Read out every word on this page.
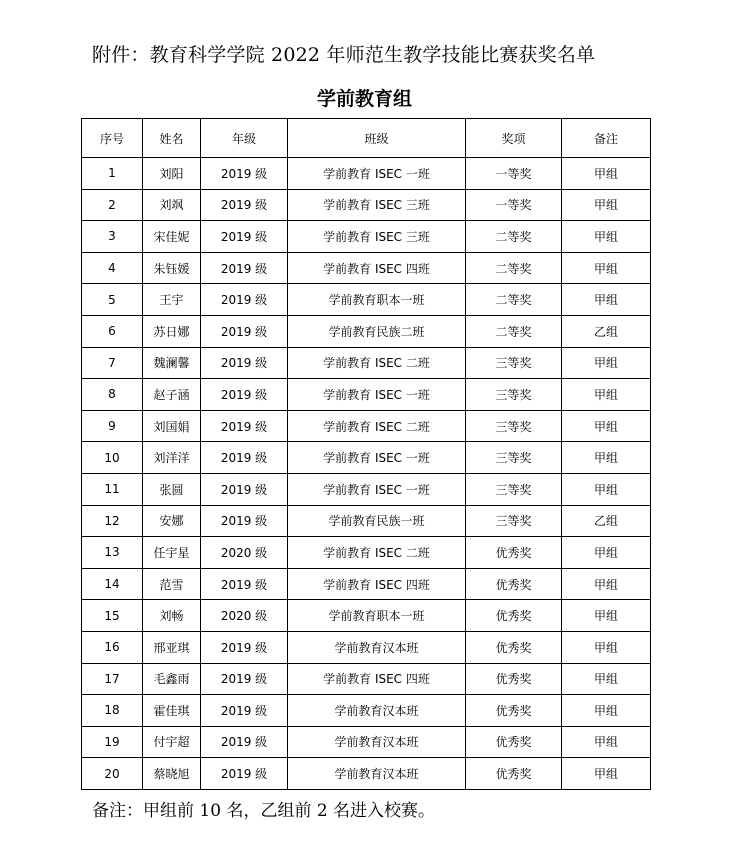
附件：教育科学学院 2022 年师范生教学技能比赛获奖名单
学前教育组
序号	姓名	年级	班级	奖项	备注
1	刘阳	2019 级	学前教育 ISEC 一班	一等奖	甲组
2	刘飒	2019 级	学前教育 ISEC 三班	一等奖	甲组
3	宋佳妮	2019 级	学前教育 ISEC 三班	二等奖	甲组
4	朱钰媛	2019 级	学前教育 ISEC 四班	二等奖	甲组
5	王宇	2019 级	学前教育职本一班	二等奖	甲组
6	苏日娜	2019 级	学前教育民族二班	二等奖	乙组
7	魏澜馨	2019 级	学前教育 ISEC 二班	三等奖	甲组
8	赵子涵	2019 级	学前教育 ISEC 一班	三等奖	甲组
9	刘国娟	2019 级	学前教育 ISEC 二班	三等奖	甲组
10	刘洋洋	2019 级	学前教育 ISEC 一班	三等奖	甲组
11	张圆	2019 级	学前教育 ISEC 一班	三等奖	甲组
12	安娜	2019 级	学前教育民族一班	三等奖	乙组
13	任宇星	2020 级	学前教育 ISEC 二班	优秀奖	甲组
14	范雪	2019 级	学前教育 ISEC 四班	优秀奖	甲组
15	刘畅	2020 级	学前教育职本一班	优秀奖	甲组
16	邢亚琪	2019 级	学前教育汉本班	优秀奖	甲组
17	毛鑫雨	2019 级	学前教育 ISEC 四班	优秀奖	甲组
18	霍佳琪	2019 级	学前教育汉本班	优秀奖	甲组
19	付宇超	2019 级	学前教育汉本班	优秀奖	甲组
20	蔡晓旭	2019 级	学前教育汉本班	优秀奖	甲组
备注：甲组前 10 名，乙组前 2 名进入校赛。
